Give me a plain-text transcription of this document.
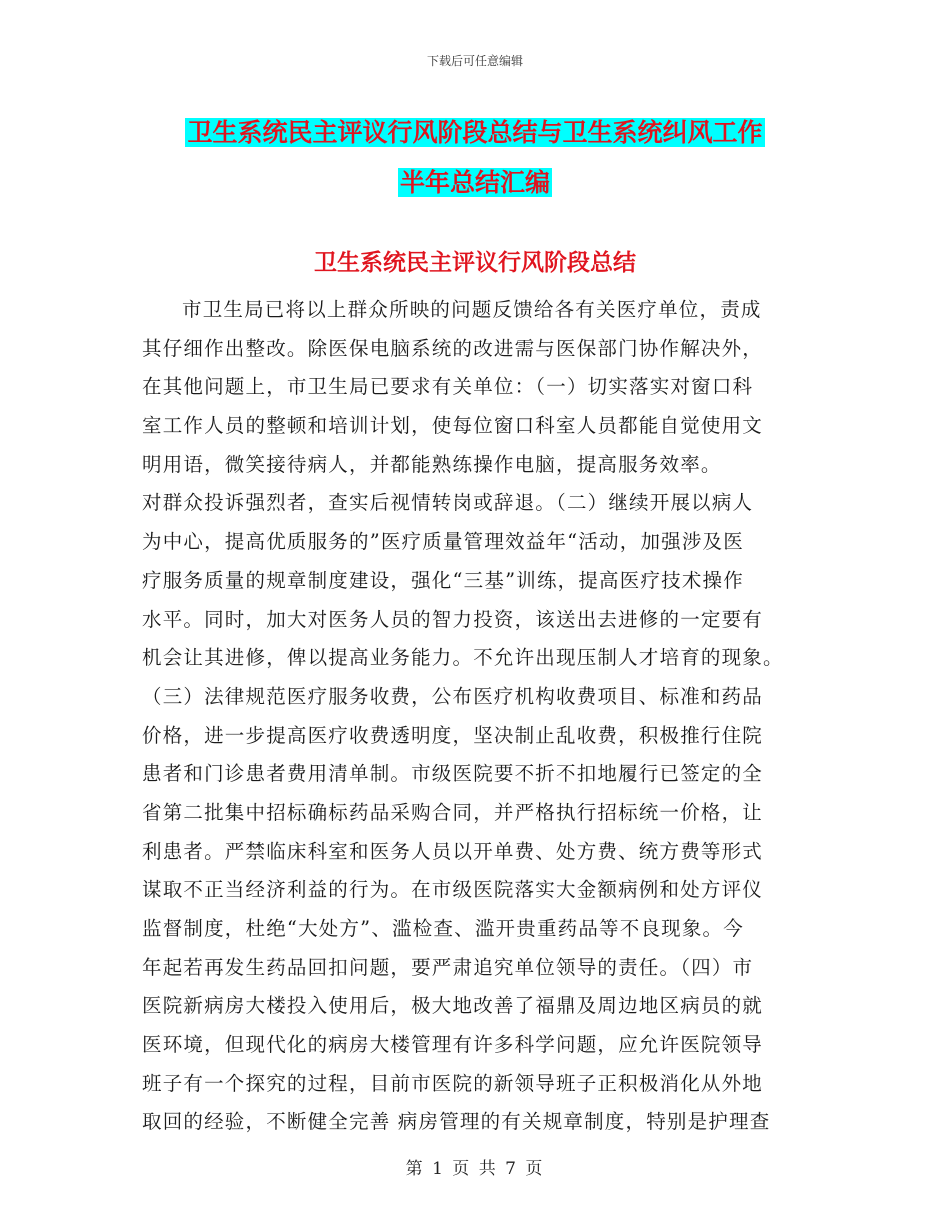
下载后可任意编辑
卫生系统民主评议行风阶段总结与卫生系统纠风工作
半年总结汇编
卫生系统民主评议行风阶段总结
市卫生局已将以上群众所映的问题反馈给各有关医疗单位，责成
其仔细作出整改。除医保电脑系统的改进需与医保部门协作解决外，
在其他问题上，市卫生局已要求有关单位：（一）切实落实对窗口科
室工作人员的整顿和培训计划，使每位窗口科室人员都能自觉使用文
明用语，微笑接待病人，并都能熟练操作电脑，提高服务效率。
对群众投诉强烈者，查实后视情转岗或辞退。（二）继续开展以病人
为中心，提高优质服务的”医疗质量管理效益年“活动，加强涉及医
疗服务质量的规章制度建设，强化“三基”训练，提高医疗技术操作
水平。同时，加大对医务人员的智力投资，该送出去进修的一定要有
机会让其进修，俾以提高业务能力。不允许出现压制人才培育的现象。
（三）法律规范医疗服务收费，公布医疗机构收费项目、标准和药品
价格，进一步提高医疗收费透明度，坚决制止乱收费，积极推行住院
患者和门诊患者费用清单制。市级医院要不折不扣地履行已签定的全
省第二批集中招标确标药品采购合同，并严格执行招标统一价格，让
利患者。严禁临床科室和医务人员以开单费、处方费、统方费等形式
谋取不正当经济利益的行为。在市级医院落实大金额病例和处方评仪
监督制度，杜绝“大处方”、滥检查、滥开贵重药品等不良现象。今
年起若再发生药品回扣问题，要严肃追究单位领导的责任。（四）市
医院新病房大楼投入使用后，极大地改善了福鼎及周边地区病员的就
医环境，但现代化的病房大楼管理有许多科学问题，应允许医院领导
班子有一个探究的过程，目前市医院的新领导班子正积极消化从外地
取回的经验，不断健全完善 病房管理的有关规章制度，特别是护理查
第 1 页 共 7 页
